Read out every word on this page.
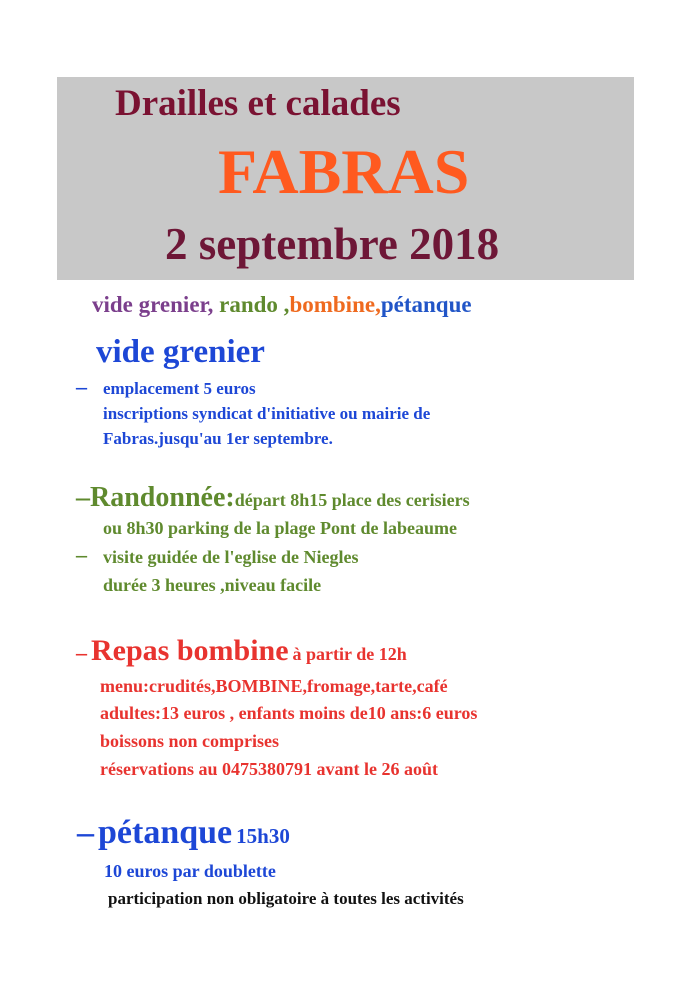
Drailles et calades
FABRAS
2 septembre 2018
vide grenier, rando ,bombine,pétanque
vide grenier
– emplacement 5 euros
inscriptions syndicat d'initiative ou mairie de
Fabras.jusqu'au 1er septembre.
–Randonnée:départ 8h15 place des cerisiers
ou 8h30 parking de la plage Pont de labeaume
– visite guidée de l'eglise de Niegles
durée 3 heures ,niveau facile
– Repas bombine à partir de 12h
menu:crudités,BOMBINE,fromage,tarte,café
adultes:13 euros , enfants moins de10 ans:6 euros
boissons non comprises
réservations au 0475380791 avant le 26 août
– pétanque 15h30
10 euros par doublette
participation non obligatoire à toutes les activités
